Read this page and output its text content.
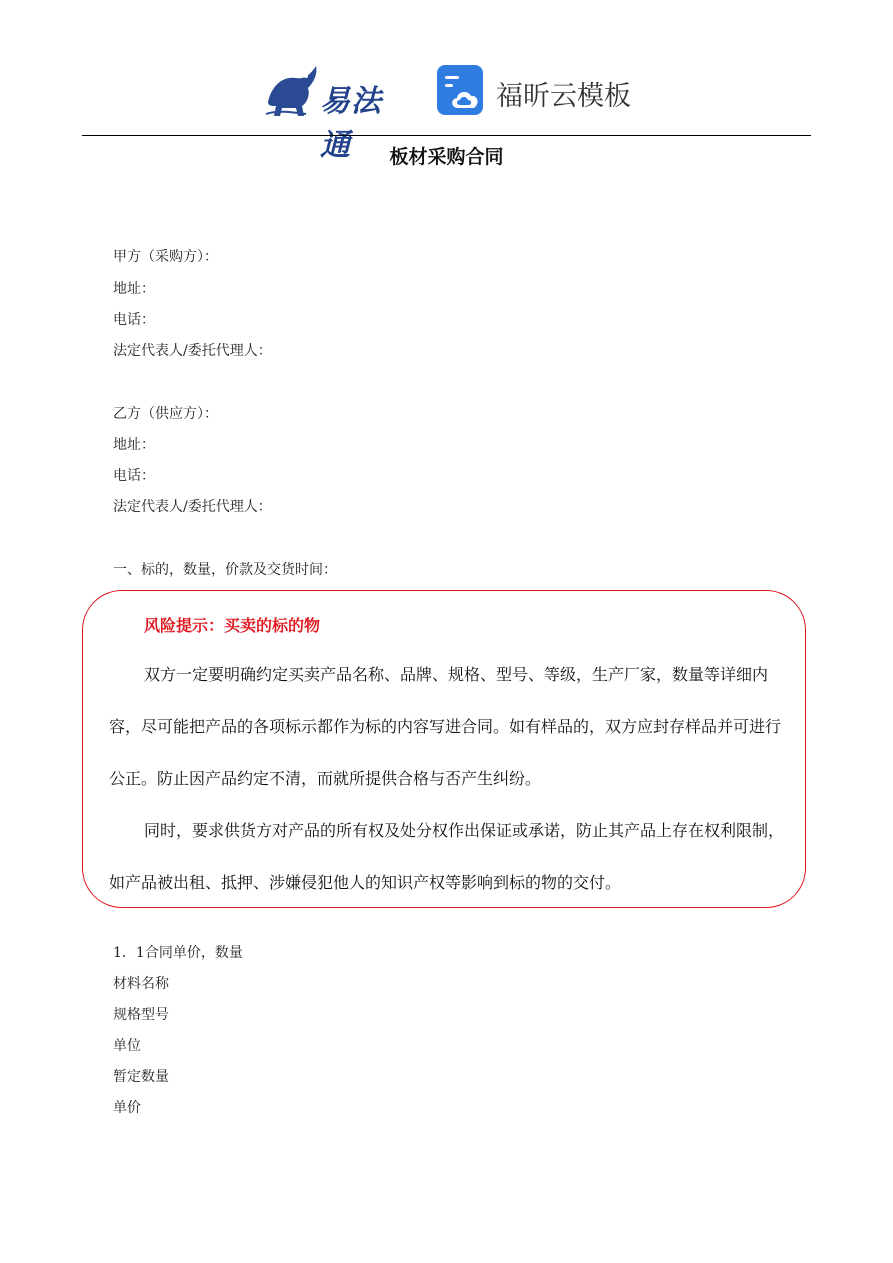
易法通
福昕云模板
板材采购合同
甲方（采购方）：
地址：
电话：
法定代表人/委托代理人：
乙方（供应方）：
地址：
电话：
法定代表人/委托代理人：
一、标的，数量，价款及交货时间：
风险提示：买卖的标的物

双方一定要明确约定买卖产品名称、品牌、规格、型号、等级，生产厂家，数量等详细内容，尽可能把产品的各项标示都作为标的内容写进合同。如有样品的，双方应封存样品并可进行公正。防止因产品约定不清，而就所提供合格与否产生纠纷。

同时，要求供货方对产品的所有权及处分权作出保证或承诺，防止其产品上存在权利限制，如产品被出租、抵押、涉嫌侵犯他人的知识产权等影响到标的物的交付。

1．1合同单价，数量
材料名称
规格型号
单位
暂定数量
单价
